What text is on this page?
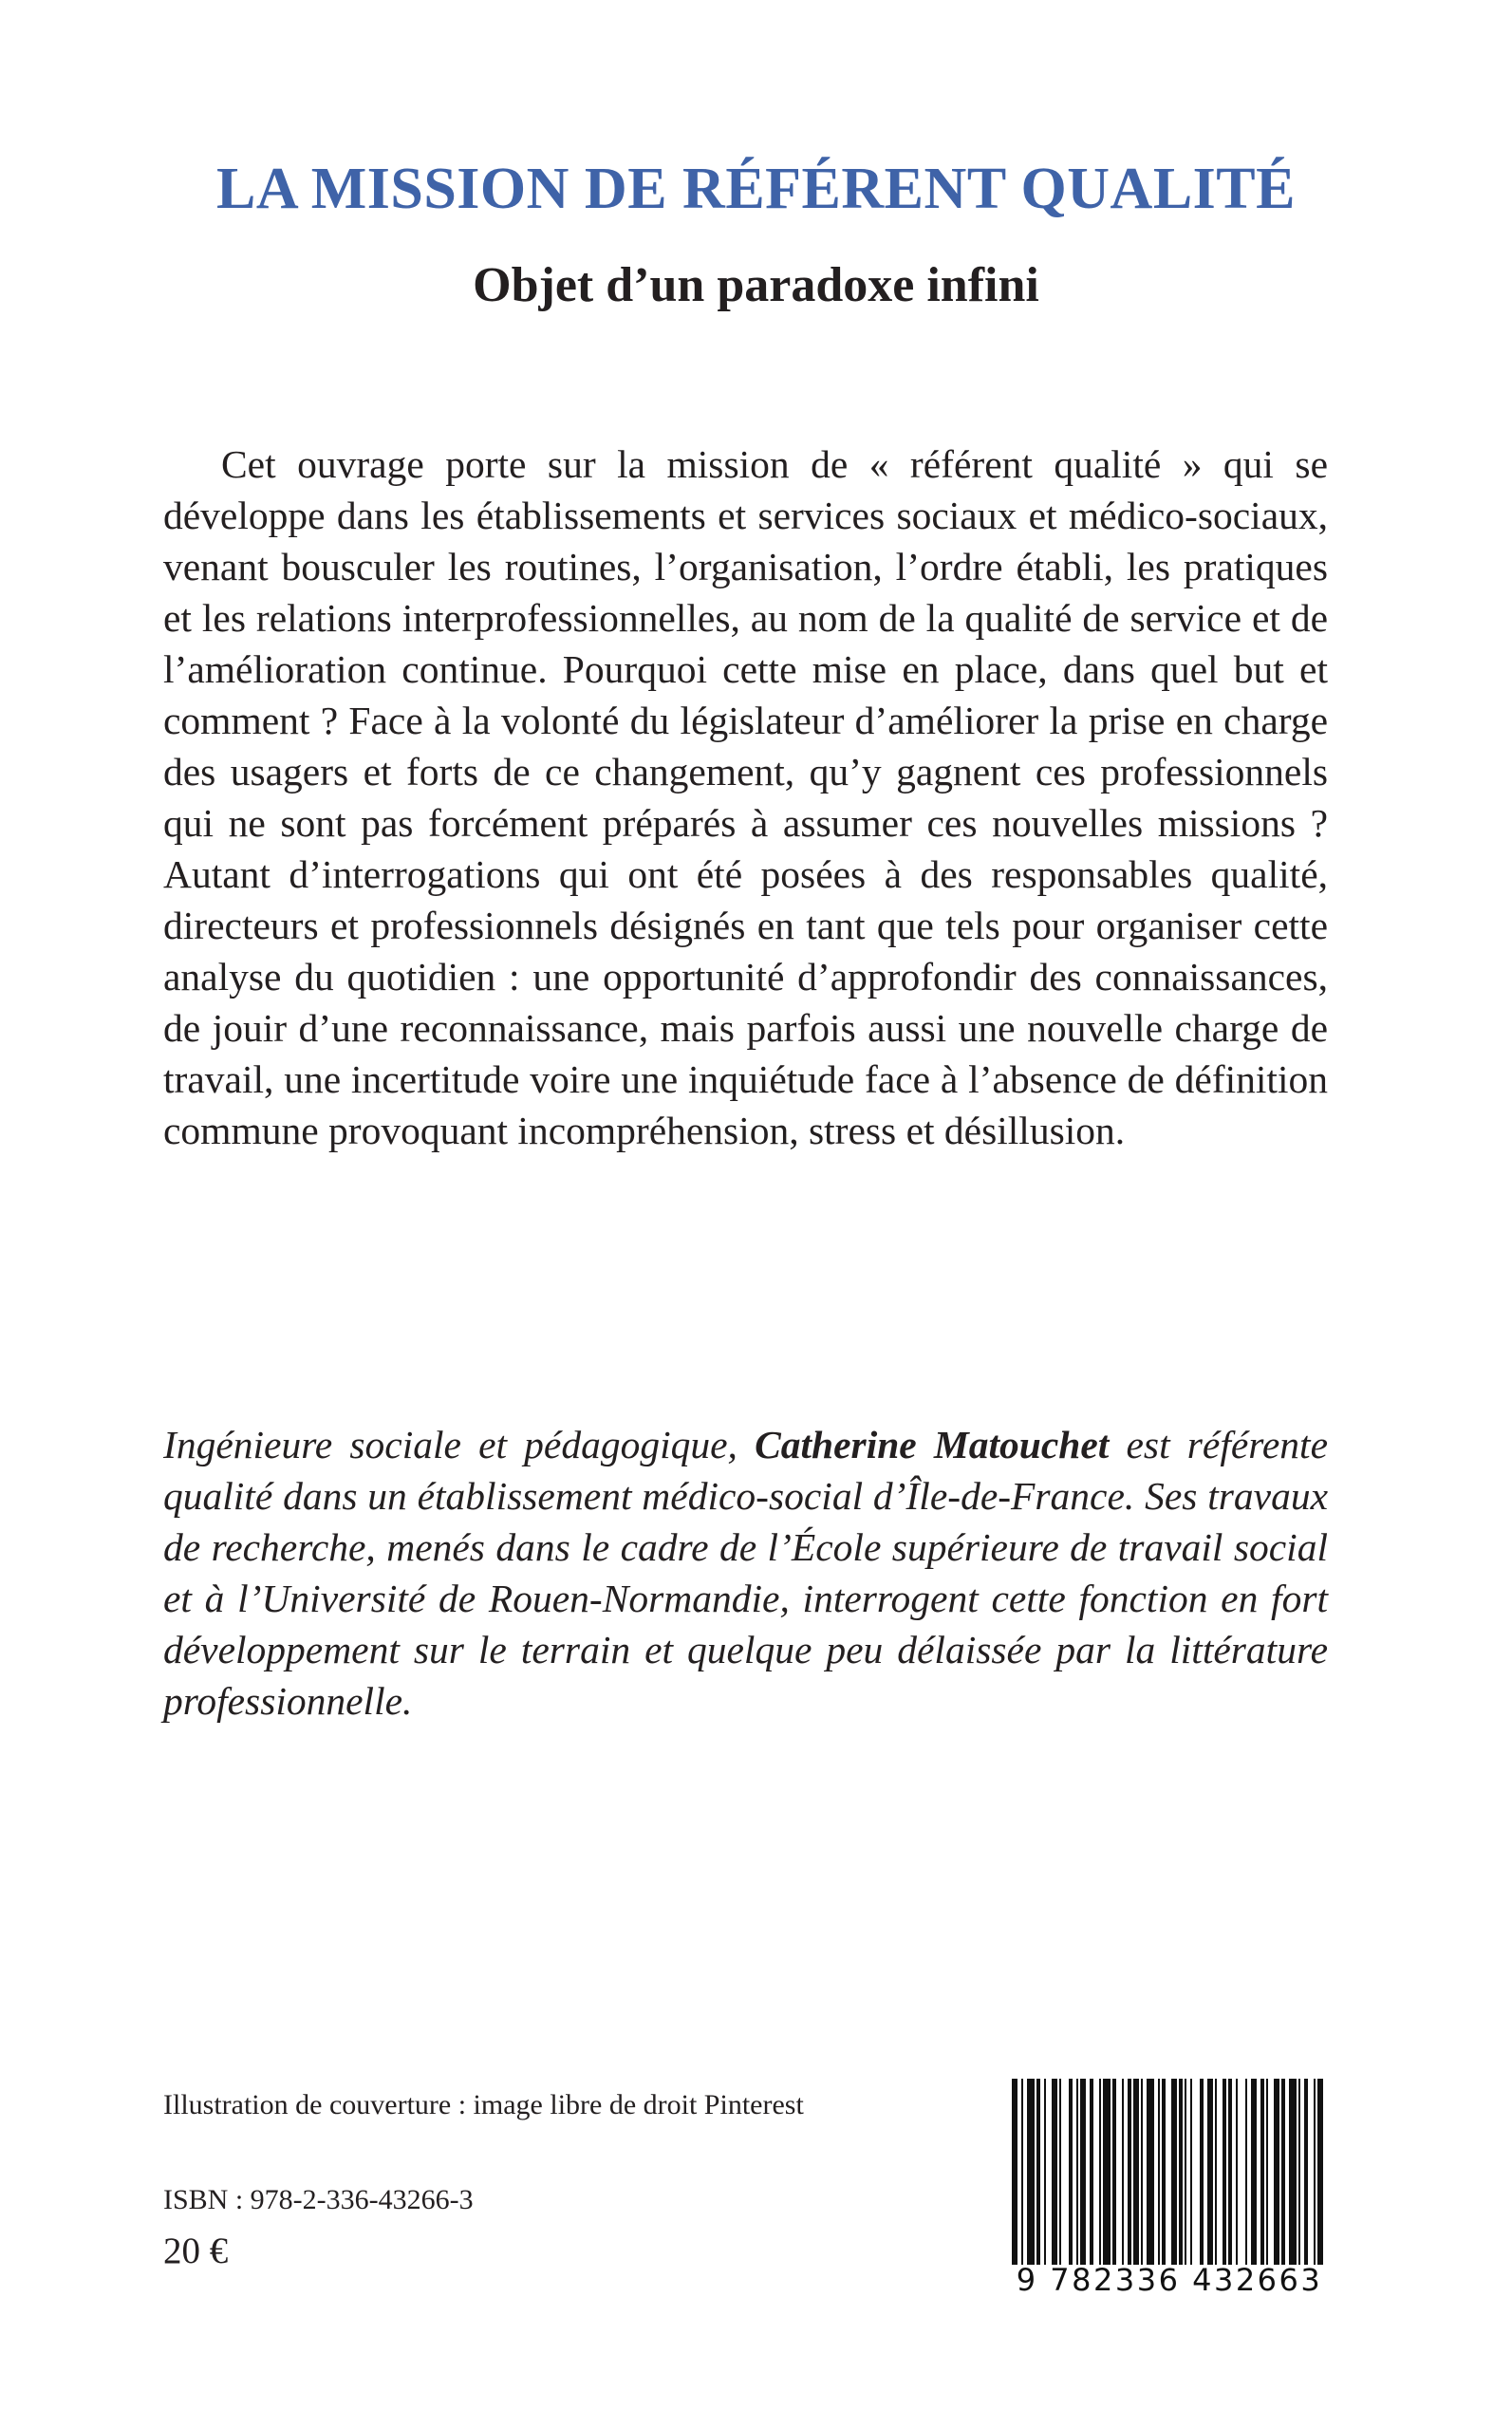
LA MISSION DE RÉFÉRENT QUALITÉ
Objet d’un paradoxe infini

Cet ouvrage porte sur la mission de « référent qualité » qui se développe dans les établissements et services sociaux et médico-sociaux, venant bousculer les routines, l’organisation, l’ordre établi, les pratiques et les relations interprofessionnelles, au nom de la qualité de service et de l’amélioration continue. Pourquoi cette mise en place, dans quel but et comment ? Face à la volonté du législateur d’améliorer la prise en charge des usagers et forts de ce changement, qu’y gagnent ces professionnels qui ne sont pas forcément préparés à assumer ces nouvelles missions ? Autant d’interrogations qui ont été posées à des responsables qualité, directeurs et professionnels désignés en tant que tels pour organiser cette analyse du quotidien : une opportunité d’approfondir des connaissances, de jouir d’une reconnaissance, mais parfois aussi une nouvelle charge de travail, une incertitude voire une inquiétude face à l’absence de définition commune provoquant incompréhension, stress et désillusion.

Ingénieure sociale et pédagogique, Catherine Matouchet est référente qualité dans un établissement médico-social d’Île-de-France. Ses travaux de recherche, menés dans le cadre de l’École supérieure de travail social et à l’Université de Rouen-Normandie, interrogent cette fonction en fort développement sur le terrain et quelque peu délaissée par la littérature professionnelle.

Illustration de couverture : image libre de droit Pinterest

ISBN : 978-2-336-43266-3

20 €

9 782336 432663
